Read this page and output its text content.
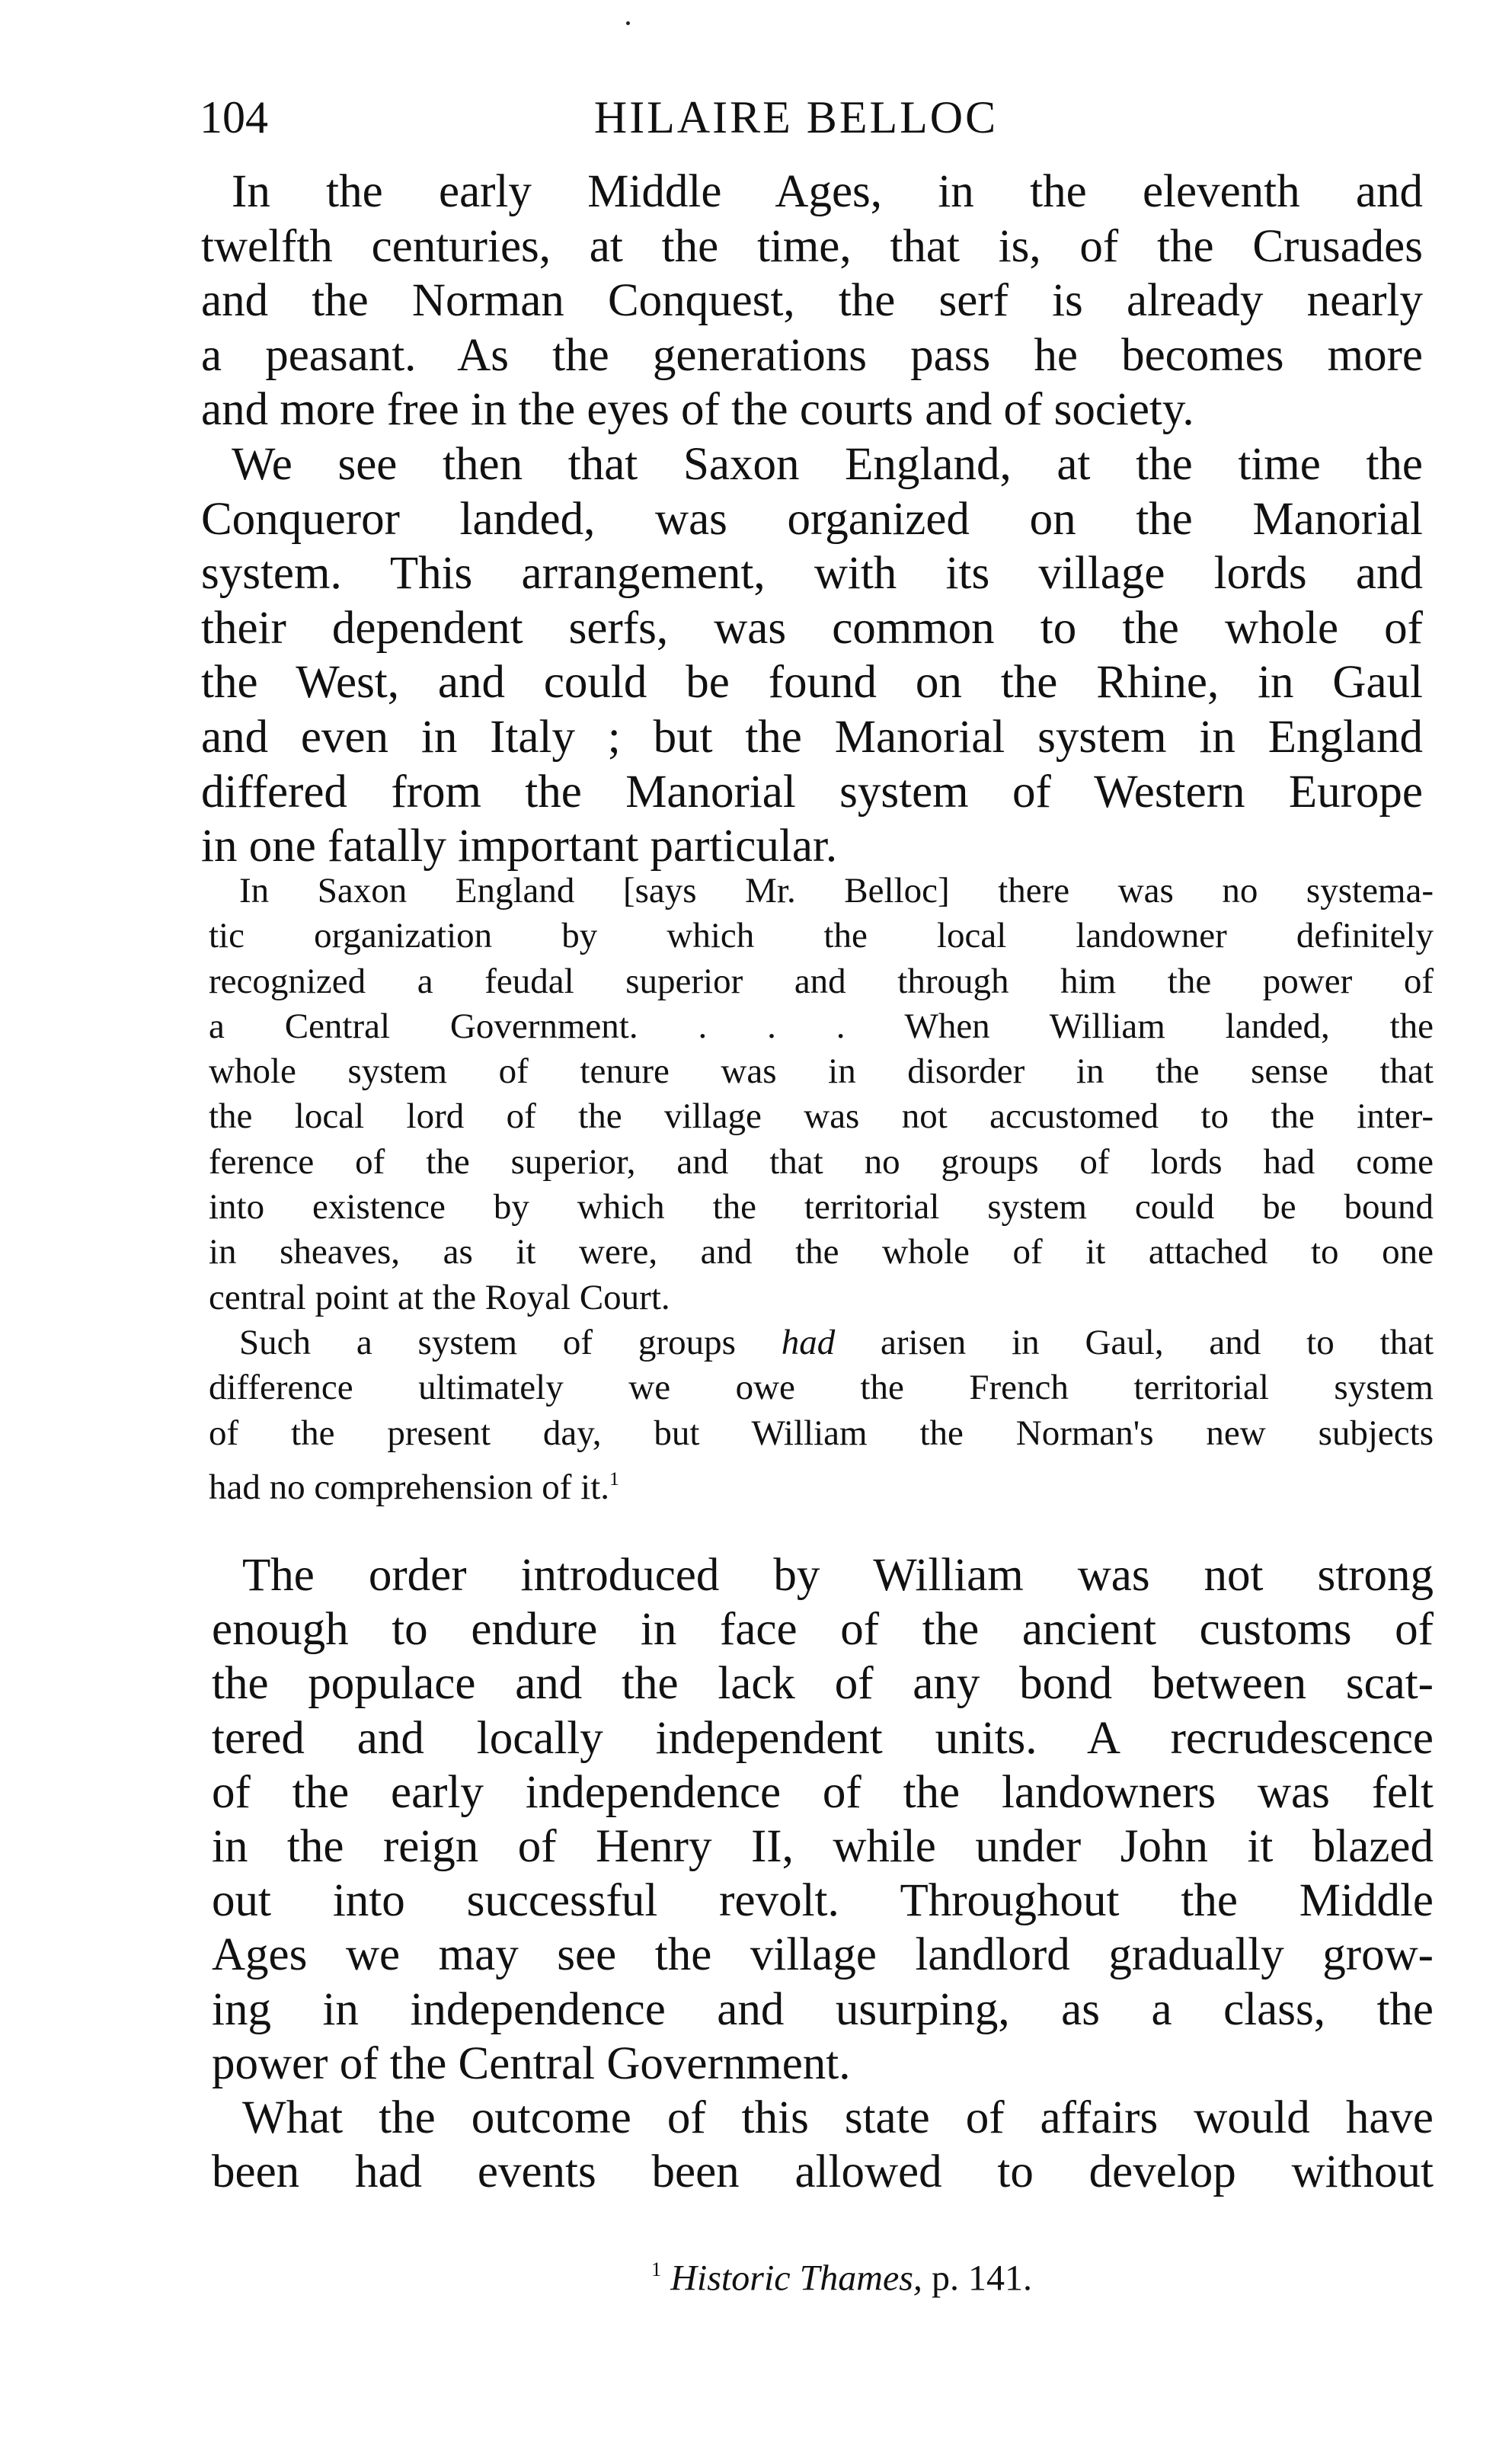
104	HILAIRE BELLOC
In the early Middle Ages, in the eleventh and
twelfth centuries, at the time, that is, of the Crusades
and the Norman Conquest, the serf is already nearly
a peasant. As the generations pass he becomes more
and more free in the eyes of the courts and of society.
We see then that Saxon England, at the time the
Conqueror landed, was organized on the Manorial
system. This arrangement, with its village lords and
their dependent serfs, was common to the whole of
the West, and could be found on the Rhine, in Gaul
and even in Italy ; but the Manorial system in England
differed from the Manorial system of Western Europe
in one fatally important particular.
In Saxon England [says Mr. Belloc] there was no systema-
tic organization by which the local landowner definitely
recognized a feudal superior and through him the power of
a Central Government. . . . When William landed, the
whole system of tenure was in disorder in the sense that
the local lord of the village was not accustomed to the inter-
ference of the superior, and that no groups of lords had come
into existence by which the territorial system could be bound
in sheaves, as it were, and the whole of it attached to one
central point at the Royal Court.
Such a system of groups had arisen in Gaul, and to that
difference ultimately we owe the French territorial system
of the present day, but William the Norman's new subjects
had no comprehension of it.$^1$
The order introduced by William was not strong
enough to endure in face of the ancient customs of
the populace and the lack of any bond between scat-
tered and locally independent units. A recrudescence
of the early independence of the landowners was felt
in the reign of Henry II, while under John it blazed
out into successful revolt. Throughout the Middle
Ages we may see the village landlord gradually grow-
ing in independence and usurping, as a class, the
power of the Central Government.
What the outcome of this state of affairs would have
been had events been allowed to develop without
$^1$ Historic Thames, p. 141.
